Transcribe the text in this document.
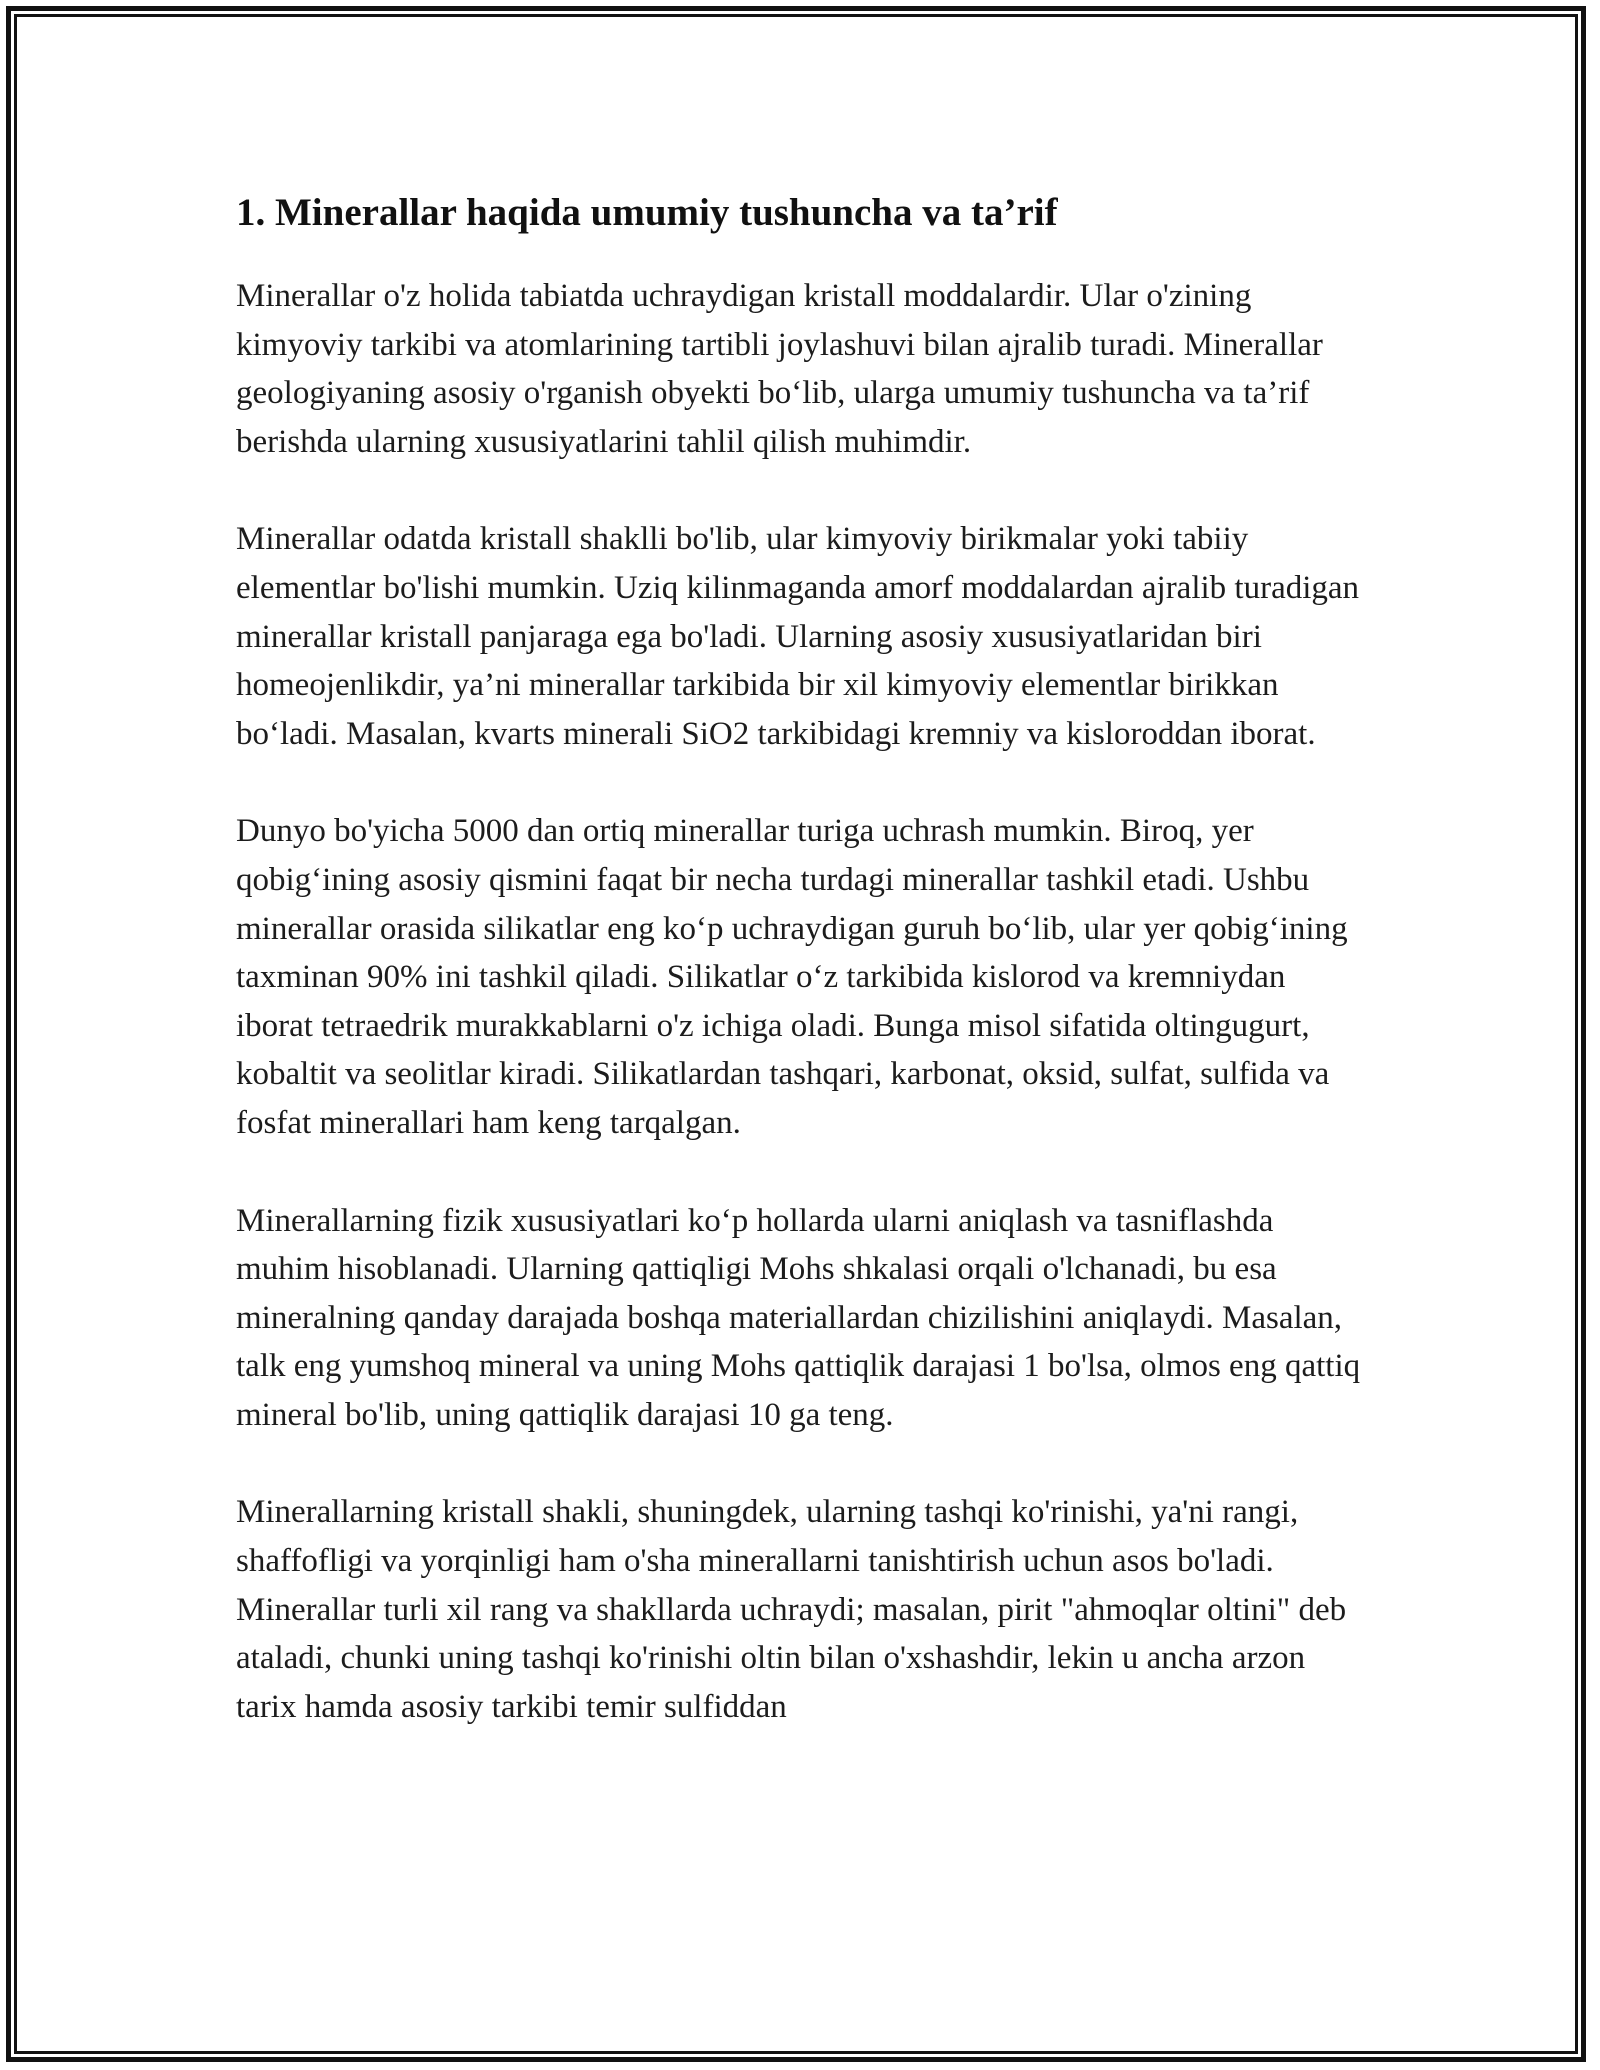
1. Minerallar haqida umumiy tushuncha va ta’rif

Minerallar o'z holida tabiatda uchraydigan kristall moddalardir. Ular o'zining kimyoviy tarkibi va atomlarining tartibli joylashuvi bilan ajralib turadi. Minerallar geologiyaning asosiy o'rganish obyekti bo‘lib, ularga umumiy tushuncha va ta’rif berishda ularning xususiyatlarini tahlil qilish muhimdir.

Minerallar odatda kristall shaklli bo'lib, ular kimyoviy birikmalar yoki tabiiy elementlar bo'lishi mumkin. Uziq kilinmaganda amorf moddalardan ajralib turadigan minerallar kristall panjaraga ega bo'ladi. Ularning asosiy xususiyatlaridan biri homeojenlikdir, ya’ni minerallar tarkibida bir xil kimyoviy elementlar birikkan bo‘ladi. Masalan, kvarts minerali SiO2 tarkibidagi kremniy va kisloroddan iborat.

Dunyo bo'yicha 5000 dan ortiq minerallar turiga uchrash mumkin. Biroq, yer qobig‘ining asosiy qismini faqat bir necha turdagi minerallar tashkil etadi. Ushbu minerallar orasida silikatlar eng ko‘p uchraydigan guruh bo‘lib, ular yer qobig‘ining taxminan 90% ini tashkil qiladi. Silikatlar o‘z tarkibida kislorod va kremniydan iborat tetraedrik murakkablarni o'z ichiga oladi. Bunga misol sifatida oltingugurt, kobaltit va seolitlar kiradi. Silikatlardan tashqari, karbonat, oksid, sulfat, sulfida va fosfat minerallari ham keng tarqalgan.

Minerallarning fizik xususiyatlari ko‘p hollarda ularni aniqlash va tasniflashda muhim hisoblanadi. Ularning qattiqligi Mohs shkalasi orqali o'lchanadi, bu esa mineralning qanday darajada boshqa materiallardan chizilishini aniqlaydi. Masalan, talk eng yumshoq mineral va uning Mohs qattiqlik darajasi 1 bo'lsa, olmos eng qattiq mineral bo'lib, uning qattiqlik darajasi 10 ga teng.

Minerallarning kristall shakli, shuningdek, ularning tashqi ko'rinishi, ya'ni rangi, shaffofligi va yorqinligi ham o'sha minerallarni tanishtirish uchun asos bo'ladi. Minerallar turli xil rang va shakllarda uchraydi; masalan, pirit "ahmoqlar oltini" deb ataladi, chunki uning tashqi ko'rinishi oltin bilan o'xshashdir, lekin u ancha arzon tarix hamda asosiy tarkibi temir sulfiddan
